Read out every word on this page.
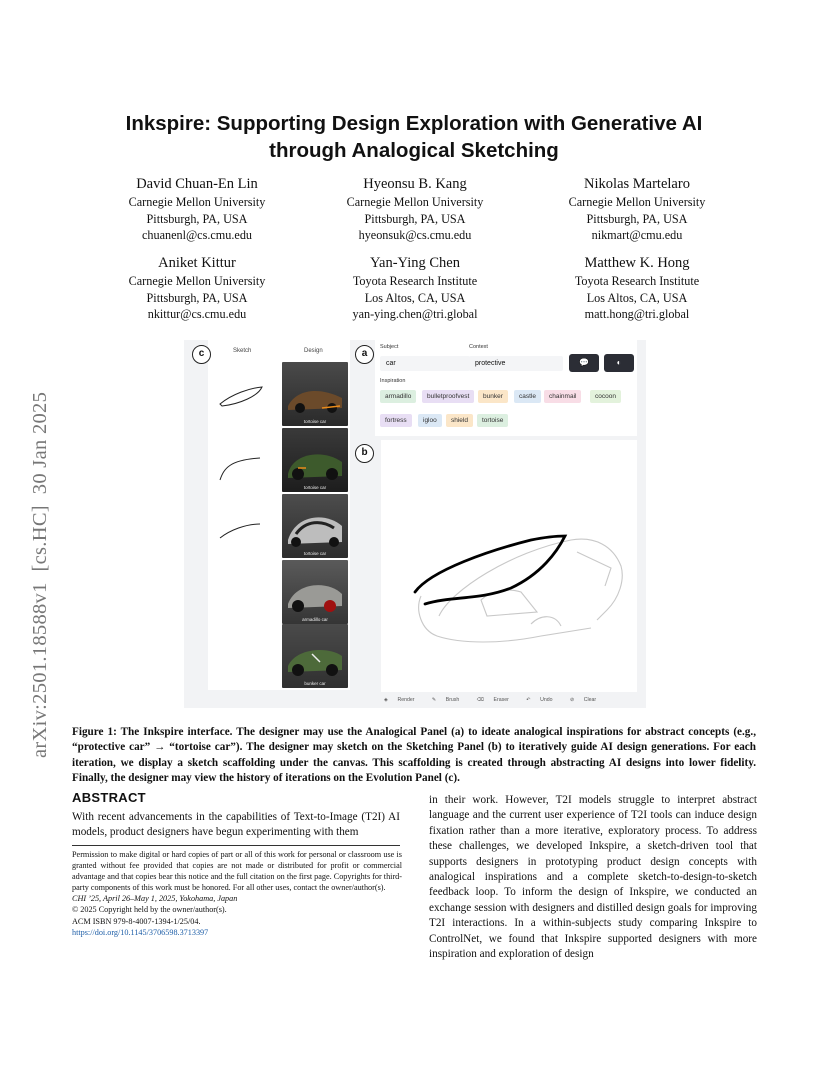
arXiv:2501.18588v1  [cs.HC]  30 Jan 2025
Inkspire: Supporting Design Exploration with Generative AI
through Analogical Sketching
David Chuan-En Lin
Carnegie Mellon University
Pittsburgh, PA, USA
chuanenl@cs.cmu.edu
Hyeonsu B. Kang
Carnegie Mellon University
Pittsburgh, PA, USA
hyeonsuk@cs.cmu.edu
Nikolas Martelaro
Carnegie Mellon University
Pittsburgh, PA, USA
nikmart@cmu.edu
Aniket Kittur
Carnegie Mellon University
Pittsburgh, PA, USA
nkittur@cs.cmu.edu
Yan-Ying Chen
Toyota Research Institute
Los Altos, CA, USA
yan-ying.chen@tri.global
Matthew K. Hong
Toyota Research Institute
Los Altos, CA, USA
matt.hong@tri.global
Sketch	Design
tortoise car
tortoise car
tortoise car
armadillo car
bunker car
c	a
b
Subject
car
Context
protective	💬	◐
Inspiration
armadillo	bulletproofvest	bunker	castle	chainmail	cocoon
fortress	igloo	shield	tortoise
◈ Render	✎ Brush	⌫ Eraser	↶ Undo	⊘ Clear
Figure 1: The Inkspire interface. The designer may use the Analogical Panel (a) to ideate analogical inspirations for abstract concepts (e.g., “protective car” → “tortoise car”). The designer may sketch on the Sketching Panel (b) to iteratively guide AI design generations. For each iteration, we display a sketch scaffolding under the canvas. This scaffolding is created through abstracting AI designs into lower fidelity. Finally, the designer may view the history of iterations on the Evolution Panel (c).
ABSTRACT
With recent advancements in the capabilities of Text-to-Image (T2I) AI models, product designers have begun experimenting with them
in their work. However, T2I models struggle to interpret abstract language and the current user experience of T2I tools can induce design fixation rather than a more iterative, exploratory process. To address these challenges, we developed Inkspire, a sketch-driven tool that supports designers in prototyping product design concepts with analogical inspirations and a complete sketch-to-design-to-sketch feedback loop. To inform the design of Inkspire, we conducted an exchange session with designers and distilled design goals for improving T2I interactions. In a within-subjects study comparing Inkspire to ControlNet, we found that Inkspire supported designers with more inspiration and exploration of design
Permission to make digital or hard copies of part or all of this work for personal or classroom use is granted without fee provided that copies are not made or distributed for profit or commercial advantage and that copies bear this notice and the full citation on the first page. Copyrights for third-party components of this work must be honored. For all other uses, contact the owner/author(s).
CHI ’25, April 26–May 1, 2025, Yokohama, Japan
© 2025 Copyright held by the owner/author(s).
ACM ISBN 979-8-4007-1394-1/25/04.
https://doi.org/10.1145/3706598.3713397
